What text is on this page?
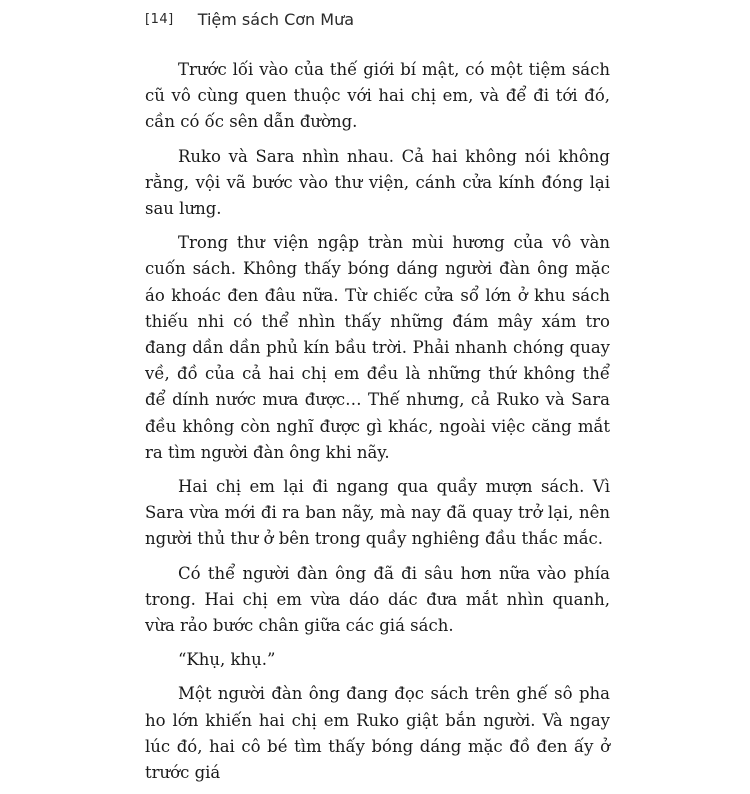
[14] Tiệm sách Cơn Mưa

Trước lối vào của thế giới bí mật, có một tiệm sách cũ vô cùng quen thuộc với hai chị em, và để đi tới đó, cần có ốc sên dẫn đường.

Ruko và Sara nhìn nhau. Cả hai không nói không rằng, vội vã bước vào thư viện, cánh cửa kính đóng lại sau lưng.

Trong thư viện ngập tràn mùi hương của vô vàn cuốn sách. Không thấy bóng dáng người đàn ông mặc áo khoác đen đâu nữa. Từ chiếc cửa sổ lớn ở khu sách thiếu nhi có thể nhìn thấy những đám mây xám tro đang dần dần phủ kín bầu trời. Phải nhanh chóng quay về, đồ của cả hai chị em đều là những thứ không thể để dính nước mưa được… Thế nhưng, cả Ruko và Sara đều không còn nghĩ được gì khác, ngoài việc căng mắt ra tìm người đàn ông khi nãy.

Hai chị em lại đi ngang qua quầy mượn sách. Vì Sara vừa mới đi ra ban nãy, mà nay đã quay trở lại, nên người thủ thư ở bên trong quầy nghiêng đầu thắc mắc.

Có thể người đàn ông đã đi sâu hơn nữa vào phía trong. Hai chị em vừa dáo dác đưa mắt nhìn quanh, vừa rảo bước chân giữa các giá sách.

“Khụ, khụ.”

Một người đàn ông đang đọc sách trên ghế sô pha ho lớn khiến hai chị em Ruko giật bắn người. Và ngay lúc đó, hai cô bé tìm thấy bóng dáng mặc đồ đen ấy ở trước giá
